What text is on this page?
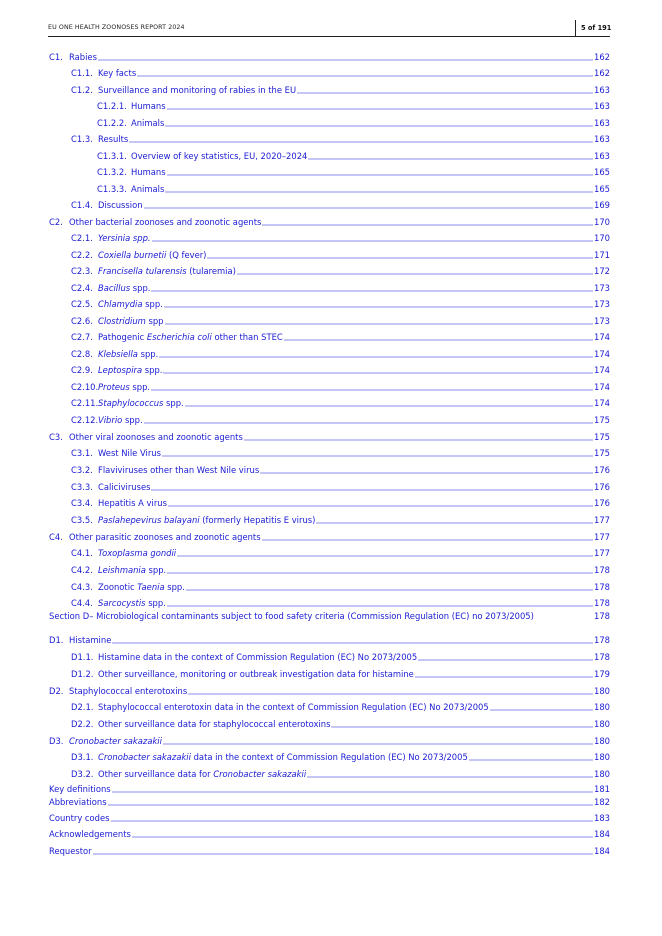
EU ONE HEALTH ZOONOSES REPORT 2024	5 of 191
C1. Rabies	162
C1.1. Key facts	162
C1.2. Surveillance and monitoring of rabies in the EU	163
C1.2.1. Humans	163
C1.2.2. Animals	163
C1.3. Results	163
C1.3.1. Overview of key statistics, EU, 2020–2024	163
C1.3.2. Humans	165
C1.3.3. Animals	165
C1.4. Discussion	169
C2. Other bacterial zoonoses and zoonotic agents	170
C2.1. Yersinia spp.	170
C2.2. Coxiella burnetii (Q fever)	171
C2.3. Francisella tularensis (tularemia)	172
C2.4. Bacillus spp.	173
C2.5. Chlamydia spp.	173
C2.6. Clostridium spp	173
C2.7. Pathogenic Escherichia coli other than STEC	174
C2.8. Klebsiella spp.	174
C2.9. Leptospira spp.	174
C2.10. Proteus spp.	174
C2.11. Staphylococcus spp.	174
C2.12. Vibrio spp.	175
C3. Other viral zoonoses and zoonotic agents	175
C3.1. West Nile Virus	175
C3.2. Flaviviruses other than West Nile virus	176
C3.3. Caliciviruses	176
C3.4. Hepatitis A virus	176
C3.5. Paslahepevirus balayani (formerly Hepatitis E virus)	177
C4. Other parasitic zoonoses and zoonotic agents	177
C4.1. Toxoplasma gondii	177
C4.2. Leishmania spp.	178
C4.3. Zoonotic Taenia spp.	178
C4.4. Sarcocystis spp.	178
Section D– Microbiological contaminants subject to food safety criteria (Commission Regulation (EC) no 2073/2005)	178
D1. Histamine	178
D1.1. Histamine data in the context of Commission Regulation (EC) No 2073/2005	178
D1.2. Other surveillance, monitoring or outbreak investigation data for histamine	179
D2. Staphylococcal enterotoxins	180
D2.1. Staphylococcal enterotoxin data in the context of Commission Regulation (EC) No 2073/2005	180
D2.2. Other surveillance data for staphylococcal enterotoxins	180
D3. Cronobacter sakazakii	180
D3.1. Cronobacter sakazakii data in the context of Commission Regulation (EC) No 2073/2005	180
D3.2. Other surveillance data for Cronobacter sakazakii	180
Key definitions	181
Abbreviations	182
Country codes	183
Acknowledgements	184
Requestor	184
